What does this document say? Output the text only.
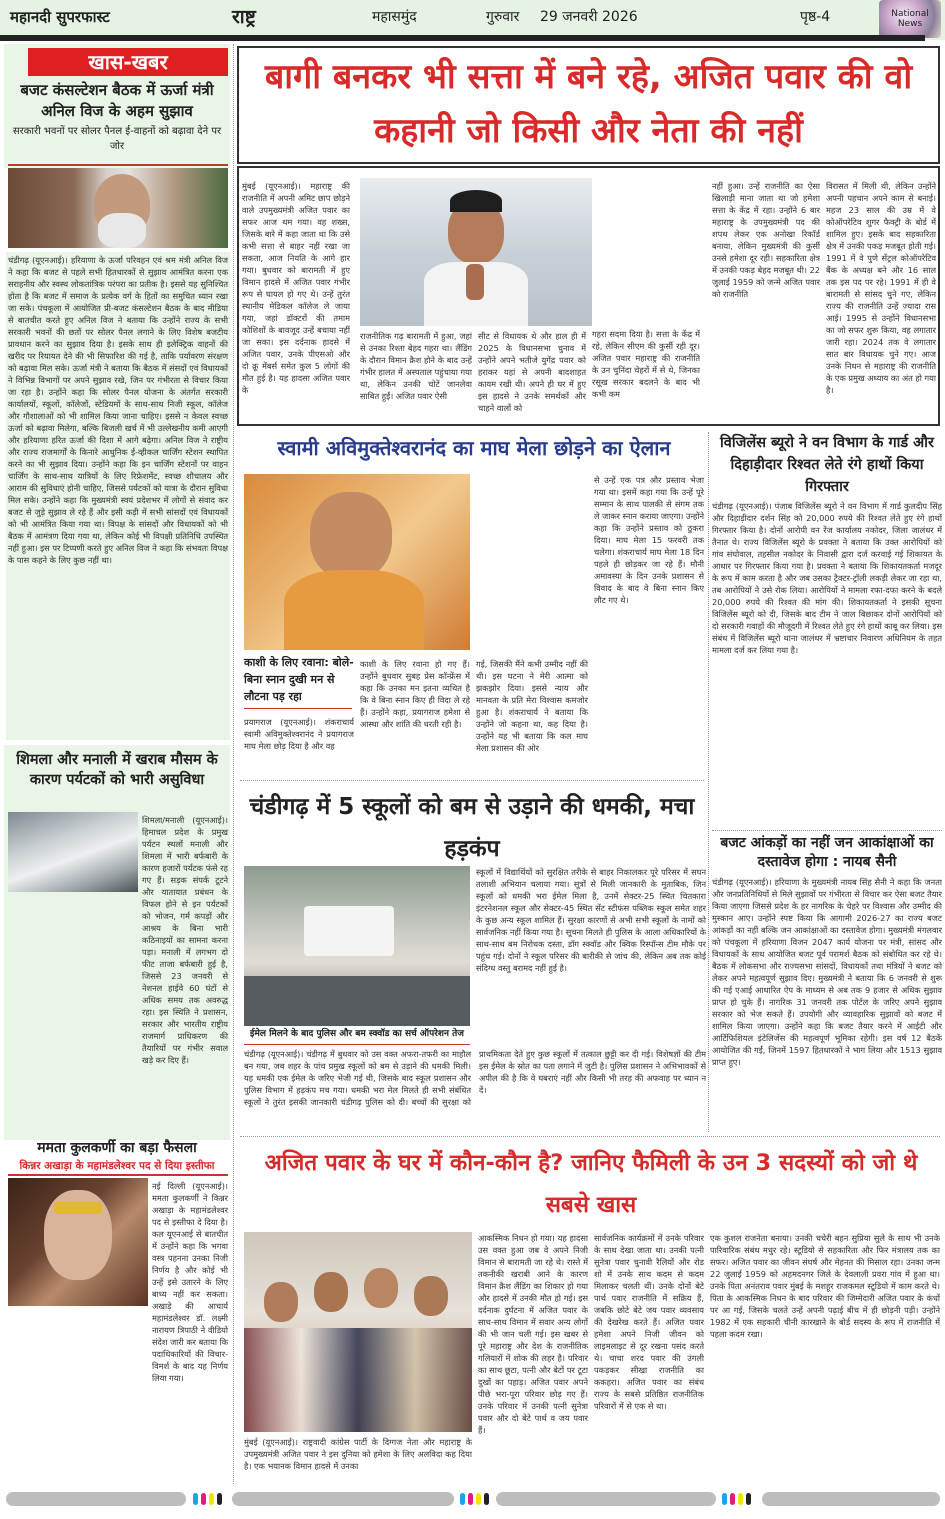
महानदी सुपरफास्ट	राष्ट्र	महासमुंद	गुरुवार 29 जनवरी 2026	पृष्ठ-4	National
News
खास-खबर
बजट कंसल्टेशन बैठक में ऊर्जा मंत्री अनिल विज के अहम सुझाव
सरकारी भवनों पर सोलर पैनल ई-वाहनों को बढ़ावा देने पर जोर
चंडीगढ़ (यूएनआई)। हरियाणा के ऊर्जा परिवहन एवं श्रम मंत्री अनिल विज ने कहा कि बजट से पहले सभी हितधारकों से सुझाव आमंत्रित करना एक सराहनीय और स्वस्थ लोकतांत्रिक परंपरा का प्रतीक है। इससे यह सुनिश्चित होता है कि बजट में समाज के प्रत्येक वर्ग के हितों का समुचित ध्यान रखा जा सके। पंचकूला में आयोजित प्री-बजट कंसल्टेशन बैठक के बाद मीडिया से बातचीत करते हुए अनिल विज ने बताया कि उन्होंने राज्य के सभी सरकारी भवनों की छतों पर सोलर पैनल लगाने के लिए विशेष बजटीय प्रावधान करने का सुझाव दिया है। इसके साथ ही इलेक्ट्रिक वाहनों की खरीद पर रियायत देने की भी सिफारिश की गई है, ताकि पर्यावरण संरक्षण को बढ़ावा मिल सके। ऊर्जा मंत्री ने बताया कि बैठक में संसदों एवं विधायकों ने विभिन्न विभागों पर अपने सुझाव रखे, जिन पर गंभीरता से विचार किया जा रहा है। उन्होंने कहा कि सोलर पैनल योजना के अंतर्गत सरकारी कार्यालयों, स्कूलों, कॉलेजों, स्टेडियमों के साथ-साथ निजी स्कूल, कॉलेज और गौशालाओं को भी शामिल किया जाना चाहिए। इससे न केवल स्वच्छ ऊर्जा को बढ़ावा मिलेगा, बल्कि बिजली खर्च में भी उल्लेखनीय कमी आएगी और हरियाणा हरित ऊर्जा की दिशा में आगे बढ़ेगा। अनिल विज ने राष्ट्रीय और राज्य राजमार्गों के किनारे आधुनिक ई-व्हीकल चार्जिंग स्टेशन स्थापित करने का भी सुझाव दिया। उन्होंने कहा कि इन चार्जिंग स्टेशनों पर वाहन चार्जिंग के साथ-साथ यात्रियों के लिए रिफ्रेशमेंट, स्वच्छ शौचालय और आराम की सुविधाएं होनी चाहिए, जिससे पर्यटकों को यात्रा के दौरान सुविधा मिल सके। उन्होंने कहा कि मुख्यमंत्री स्वयं प्रदेशभर में लोगों से संवाद कर बजट से जुड़े सुझाव ले रहे हैं और इसी कड़ी में सभी सांसदों एवं विधायकों को भी आमंत्रित किया गया था। विपक्ष के सांसदों और विधायकों को भी बैठक में आमंत्रण दिया गया था, लेकिन कोई भी विपक्षी प्रतिनिधि उपस्थित नहीं हुआ। इस पर टिप्पणी करते हुए अनिल विज ने कहा कि संभवतः विपक्ष के पास कहने के लिए कुछ नहीं था।
शिमला और मनाली में खराब मौसम के कारण पर्यटकों को भारी असुविधा
शिमला/मनाली (यूएनआई)। हिमाचल प्रदेश के प्रमुख पर्यटन स्थलों मनाली और शिमला में भारी बर्फबारी के कारण हजारों पर्यटक फंसे रह गए हैं। सड़क संपर्क टूटने और यातायात प्रबंधन के विफल होने से इन पर्यटकों को भोजन, गर्म कपड़ों और आश्रय के बिना भारी कठिनाइयों का सामना करना पड़ा। मनाली में लगभग दो फीट ताजा बर्फबारी हुई है, जिससे 23 जनवरी से नेशनल हाईवे 60 घंटों से अधिक समय तक अवरुद्ध रहा। इस स्थिति ने प्रशासन, सरकार और भारतीय राष्ट्रीय राजमार्ग प्राधिकरण की तैयारियों पर गंभीर सवाल खड़े कर दिए हैं।
ममता कुलकर्णी का बड़ा फैसला
किन्नर अखाड़ा के महामंडलेश्वर पद से दिया इस्तीफा
नई दिल्ली (यूएनआई)। ममता कुलकर्णी ने किन्नर अखाड़ा के महामंडलेश्वर पद से इस्तीफा दे दिया है। कल यूएनआई से बातचीत में उन्होंने कहा कि भगवा वस्त्र पहनना उनका निजी निर्णय है और कोई भी उन्हें इसे उतारने के लिए बाध्य नहीं कर सकता। अखाड़े की आचार्य महामंडलेश्वर डॉ. लक्ष्मी नारायण त्रिपाठी ने वीडियो संदेश जारी कर बताया कि पदाधिकारियों की विचार-विमर्श के बाद यह निर्णय लिया गया।
बागी बनकर भी सत्ता में बने रहे, अजित पवार की वो कहानी जो किसी और नेता की नहीं
मुंबई (यूएनआई)। महाराष्ट्र की राजनीति में अपनी अमिट छाप छोड़ने वाले उपमुख्यमंत्री अजित पवार का सफर आज थम गया। वह शख्स, जिसके बारे में कहा जाता था कि उसे कभी सत्ता से बाहर नहीं रखा जा सकता, आज नियति के आगे हार गया। बुधवार को बारामती में हुए विमान हादसे में अजित पवार गंभीर रूप से घायल हो गए थे। उन्हें तुरंत स्थानीय मेडिकल कॉलेज ले जाया गया, जहां डॉक्टरों की तमाम कोशिशों के बावजूद उन्हें बचाया नहीं जा सका। इस दर्दनाक हादसे में अजित पवार, उनके पीएसओ और दो क्रू मेंबर्स समेत कुल 5 लोगों की मौत हुई है। यह हादसा अजित पवार के
राजनीतिक गढ़ बारामती में हुआ, जहां से उनका रिश्ता बेहद गहरा था। लैंडिंग के दौरान विमान क्रैश होने के बाद उन्हें गंभीर हालत में अस्पताल पहुंचाया गया था, लेकिन उनकी चोटें जानलेवा साबित हुईं। अजित पवार ऐसी
सीट से विधायक थे और हाल ही में 2025 के विधानसभा चुनाव में उन्होंने अपने भतीजे युगेंद्र पवार को हराकर यहां से अपनी बादशाहत कायम रखी थी। अपने ही घर में हुए इस हादसे ने उनके समर्थकों और चाहने वालों को
गहरा सदमा दिया है। सत्ता के केंद्र में रहे, लेकिन सीएम की कुर्सी रही दूर। अजित पवार महाराष्ट्र की राजनीति के उन चुनिंदा चेहरों में से थे, जिनका रसूख सरकार बदलने के बाद भी कभी कम
नहीं हुआ। उन्हें राजनीति का ऐसा खिलाड़ी माना जाता था जो हमेशा सत्ता के केंद्र में रहा। उन्होंने 6 बार महाराष्ट्र के उपमुख्यमंत्री पद की शपथ लेकर एक अनोखा रिकॉर्ड बनाया, लेकिन मुख्यमंत्री की कुर्सी उनसे हमेशा दूर रही। सहकारिता क्षेत्र में उनकी पकड़ बेहद मजबूत थी। 22 जुलाई 1959 को जन्मे अजित पवार को राजनीति
विरासत में मिली थी, लेकिन उन्होंने अपनी पहचान अपने काम से बनाई। महज 23 साल की उम्र में वे कोऑपरेटिव शुगर फैक्ट्री के बोर्ड में शामिल हुए। इसके बाद सहकारिता क्षेत्र में उनकी पकड़ मजबूत होती गई। 1991 में वे पुणे सेंट्रल कोऑपरेटिव बैंक के अध्यक्ष बने और 16 साल तक इस पद पर रहे। 1991 में ही वे बारामती से सांसद चुने गए, लेकिन राज्य की राजनीति उन्हें ज्यादा रास आई। 1995 से उन्होंने विधानसभा का जो सफर शुरू किया, वह लगातार जारी रहा। 2024 तक वे लगातार सात बार विधायक चुने गए। आज उनके निधन से महाराष्ट्र की राजनीति के एक प्रमुख अध्याय का अंत हो गया है।
स्वामी अविमुक्तेश्वरानंद का माघ मेला छोड़ने का ऐलान
काशी के लिए रवाना: बोले- बिना स्नान दुखी मन से लौटना पड़ रहा
प्रयागराज (यूएनआई)। शंकराचार्य स्वामी अविमुक्तेश्वरानंद ने प्रयागराज माघ मेला छोड़ दिया है और वह
काशी के लिए रवाना हो गए हैं। उन्होंने बुधवार सुबह प्रेस कॉन्फ्रेंस में कहा कि उनका मन इतना व्यथित है कि वे बिना स्नान किए ही विदा ले रहे हैं। उन्होंने कहा, प्रयागराज हमेशा से आस्था और शांति की धरती रही है।
गई, जिसकी मैंने कभी उम्मीद नहीं की थी। इस घटना ने मेरी आत्मा को झकझोर दिया। इससे न्याय और मानवता के प्रति मेरा विश्वास कमजोर हुआ है। शंकराचार्य ने बताया कि उन्होंने जो कहना था, कह दिया है। उन्होंने यह भी बताया कि कल माघ मेला प्रशासन की ओर
से उन्हें एक पत्र और प्रस्ताव भेजा गया था। इसमें कहा गया कि उन्हें पूरे सम्मान के साथ पालकी से संगम तक ले जाकर स्नान कराया जाएगा। उन्होंने कहा कि उन्होंने प्रस्ताव को ठुकरा दिया। माघ मेला 15 फरवरी तक चलेगा। शंकराचार्य माघ मेला 18 दिन पहले ही छोड़कर जा रहे हैं। मौनी अमावस्या के दिन उनके प्रशासन से विवाद के बाद वे बिना स्नान किए लौट गए थे।
विजिलेंस ब्यूरो ने वन विभाग के गार्ड और दिहाड़ीदार रिश्वत लेते रंगे हाथों किया गिरफ्तार
चंडीगढ़ (यूएनआई)। पंजाब विजिलेंस ब्यूरो ने वन विभाग में गार्ड कुलदीप सिंह और दिहाड़ीदार दर्शन सिंह को 20,000 रुपये की रिश्वत लेते हुए रंगे हाथों गिरफ्तार किया है। दोनों आरोपी वन रेंज कार्यालय नकोदर, जिला जालंधर में तैनात थे। राज्य विजिलेंस ब्यूरो के प्रवक्ता ने बताया कि उक्त आरोपियों को गांव संघोवाल, तहसील नकोदर के निवासी द्वारा दर्ज करवाई गई शिकायत के आधार पर गिरफ्तार किया गया है। प्रवक्ता ने बताया कि शिकायतकर्ता मजदूर के रूप में काम करता है और जब उसका ट्रैक्टर-ट्रॉली लकड़ी लेकर जा रहा था, तब आरोपियों ने उसे रोक लिया। आरोपियों ने मामला रफा-दफा करने के बदले 20,000 रुपये की रिश्वत की मांग की। शिकायतकर्ता ने इसकी सूचना विजिलेंस ब्यूरो को दी, जिसके बाद टीम ने जाल बिछाकर दोनों आरोपियों को दो सरकारी गवाहों की मौजूदगी में रिश्वत लेते हुए रंगे हाथों काबू कर लिया। इस संबंध में विजिलेंस ब्यूरो थाना जालंधर में भ्रष्टाचार निवारण अधिनियम के तहत मामला दर्ज कर लिया गया है।
बजट आंकड़ों का नहीं जन आकांक्षाओं का दस्तावेज होगा : नायब सैनी
चंडीगढ़ (यूएनआई)। हरियाणा के मुख्यमंत्री नायब सिंह सैनी ने कहा कि जनता और जनप्रतिनिधियों से मिले सुझावों पर गंभीरता से विचार कर ऐसा बजट तैयार किया जाएगा जिससे प्रदेश के हर नागरिक के चेहरे पर विश्वास और उम्मीद की मुस्कान आए। उन्होंने स्पष्ट किया कि आगामी 2026-27 का राज्य बजट आंकड़ों का नहीं बल्कि जन आकांक्षाओं का दस्तावेज होगा। मुख्यमंत्री मंगलवार को पंचकूला में हरियाणा विजन 2047 कार्य योजना पर मंत्री, सांसद और विधायकों के साथ आयोजित बजट पूर्व परामर्श बैठक को संबोधित कर रहे थे। बैठक में लोकसभा और राज्यसभा सांसदों, विधायकों तथा मंत्रियों ने बजट को लेकर अपने महत्वपूर्ण सुझाव दिए। मुख्यमंत्री ने बताया कि 6 जनवरी से शुरू की गई एआई आधारित ऐप के माध्यम से अब तक 9 हजार से अधिक सुझाव प्राप्त हो चुके हैं। नागरिक 31 जनवरी तक पोर्टल के जरिए अपने सुझाव सरकार को भेज सकते हैं। उपयोगी और व्यावहारिक सुझावों को बजट में शामिल किया जाएगा। उन्होंने कहा कि बजट तैयार करने में आईटी और आर्टिफिशियल इंटेलिजेंस की महत्वपूर्ण भूमिका रहेगी। इस वर्ष 12 बैठकें आयोजित की गईं, जिनमें 1597 हितधारकों ने भाग लिया और 1513 सुझाव प्राप्त हुए।
चंडीगढ़ में 5 स्कूलों को बम से उड़ाने की धमकी, मचा हड़कंप
ईमेल मिलने के बाद पुलिस और बम स्क्वॉड का सर्च ऑपरेशन तेज
स्कूलों में विद्यार्थियों को सुरक्षित तरीके से बाहर निकालकर पूरे परिसर में सघन तलाशी अभियान चलाया गया। सूत्रों से मिली जानकारी के मुताबिक, जिन स्कूलों को धमकी भरा ईमेल मिला है, उनमें सेक्टर-25 स्थित चितकारा इंटरनेशनल स्कूल और सेक्टर-45 स्थित सेंट स्टीफंस पब्लिक स्कूल समेत शहर के कुछ अन्य स्कूल शामिल हैं। सुरक्षा कारणों से अभी सभी स्कूलों के नामों को सार्वजनिक नहीं किया गया है। सूचना मिलते ही पुलिस के आला अधिकारियों के साथ-साथ बम निरोधक दस्ता, डॉग स्क्वॉड और क्विक रिस्पॉन्स टीम मौके पर पहुंच गई। दोनों ने स्कूल परिसर की बारीकी से जांच की, लेकिन अब तक कोई संदिग्ध वस्तु बरामद नहीं हुई है।
चंडीगढ़ (यूएनआई)। चंडीगढ़ में बुधवार को उस वक्त अफरा-तफरी का माहौल बन गया, जब शहर के पांच प्रमुख स्कूलों को बम से उड़ाने की धमकी मिली। यह धमकी एक ईमेल के जरिए भेजी गई थी, जिसके बाद स्कूल प्रशासन और पुलिस विभाग में हड़कंप मच गया। धमकी भरा मेल मिलते ही सभी संबंधित स्कूलों ने तुरंत इसकी जानकारी चंडीगढ़ पुलिस को दी। बच्चों की सुरक्षा को प्राथमिकता देते हुए कुछ स्कूलों में तत्काल छुट्टी कर दी गई। विशेषज्ञों की टीम इस ईमेल के स्रोत का पता लगाने में जुटी है। पुलिस प्रशासन ने अभिभावकों से अपील की है कि वे घबराएं नहीं और किसी भी तरह की अफवाह पर ध्यान न दें।
अजित पवार के घर में कौन-कौन है? जानिए फैमिली के उन 3 सदस्यों को जो थे सबसे खास
मुंबई (यूएनआई)। राष्ट्रवादी कांग्रेस पार्टी के दिग्गज नेता और महाराष्ट्र के उपमुख्यमंत्री अजित पवार ने इस दुनिया को हमेशा के लिए अलविदा कह दिया है। एक भयानक विमान हादसे में उनका
आकस्मिक निधन हो गया। यह हादसा उस वक्त हुआ जब वे अपने निजी विमान से बारामती जा रहे थे। रास्ते में तकनीकी खराबी आने के कारण विमान क्रैश लैंडिंग का शिकार हो गया और हादसे में उनकी मौत हो गई। इस दर्दनाक दुर्घटना में अजित पवार के साथ-साथ विमान में सवार अन्य लोगों की भी जान चली गई। इस खबर से पूरे महाराष्ट्र और देश के राजनीतिक गलियारों में शोक की लहर है। परिवार का साथ छूटा, पत्नी और बेटों पर टूटा दुखों का पहाड़। अजित पवार अपने पीछे भरा-पूरा परिवार छोड़ गए हैं। उनके परिवार में उनकी पत्नी सुनेत्रा पवार और दो बेटे पार्थ व जय पवार हैं।
सार्वजनिक कार्यक्रमों में उनके परिवार के साथ देखा जाता था। उनकी पत्नी सुनेत्रा पवार चुनावी रैलियों और रोड शो में उनके साथ कदम से कदम मिलाकर चलती थीं। उनके दोनों बेटे पार्थ पवार राजनीति में सक्रिय हैं, जबकि छोटे बेटे जय पवार व्यवसाय की देखरेख करते हैं। अजित पवार हमेशा अपने निजी जीवन को लाइमलाइट से दूर रखना पसंद करते थे। चाचा शरद पवार की उंगली पकड़कर सीखा राजनीति का ककहरा। अजित पवार का संबंध राज्य के सबसे प्रतिष्ठित राजनीतिक परिवारों में से एक से था।
एक कुशल राजनेता बनाया। उनकी चचेरी बहन सुप्रिया सुले के साथ भी उनके पारिवारिक संबंध मधुर रहे। स्टूडियो से सहकारिता और फिर मंत्रालय तक का सफर। अजित पवार का जीवन संघर्ष और मेहनत की मिसाल रहा। उनका जन्म 22 जुलाई 1959 को अहमदनगर जिले के देवलाली प्रवरा गांव में हुआ था। उनके पिता अनंतराव पवार मुंबई के मशहूर राजकमल स्टूडियो में काम करते थे। पिता के आकस्मिक निधन के बाद परिवार की जिम्मेदारी अजित पवार के कंधों पर आ गई, जिसके चलते उन्हें अपनी पढ़ाई बीच में ही छोड़नी पड़ी। उन्होंने 1982 में एक सहकारी चीनी कारखाने के बोर्ड सदस्य के रूप में राजनीति में पहला कदम रखा।
